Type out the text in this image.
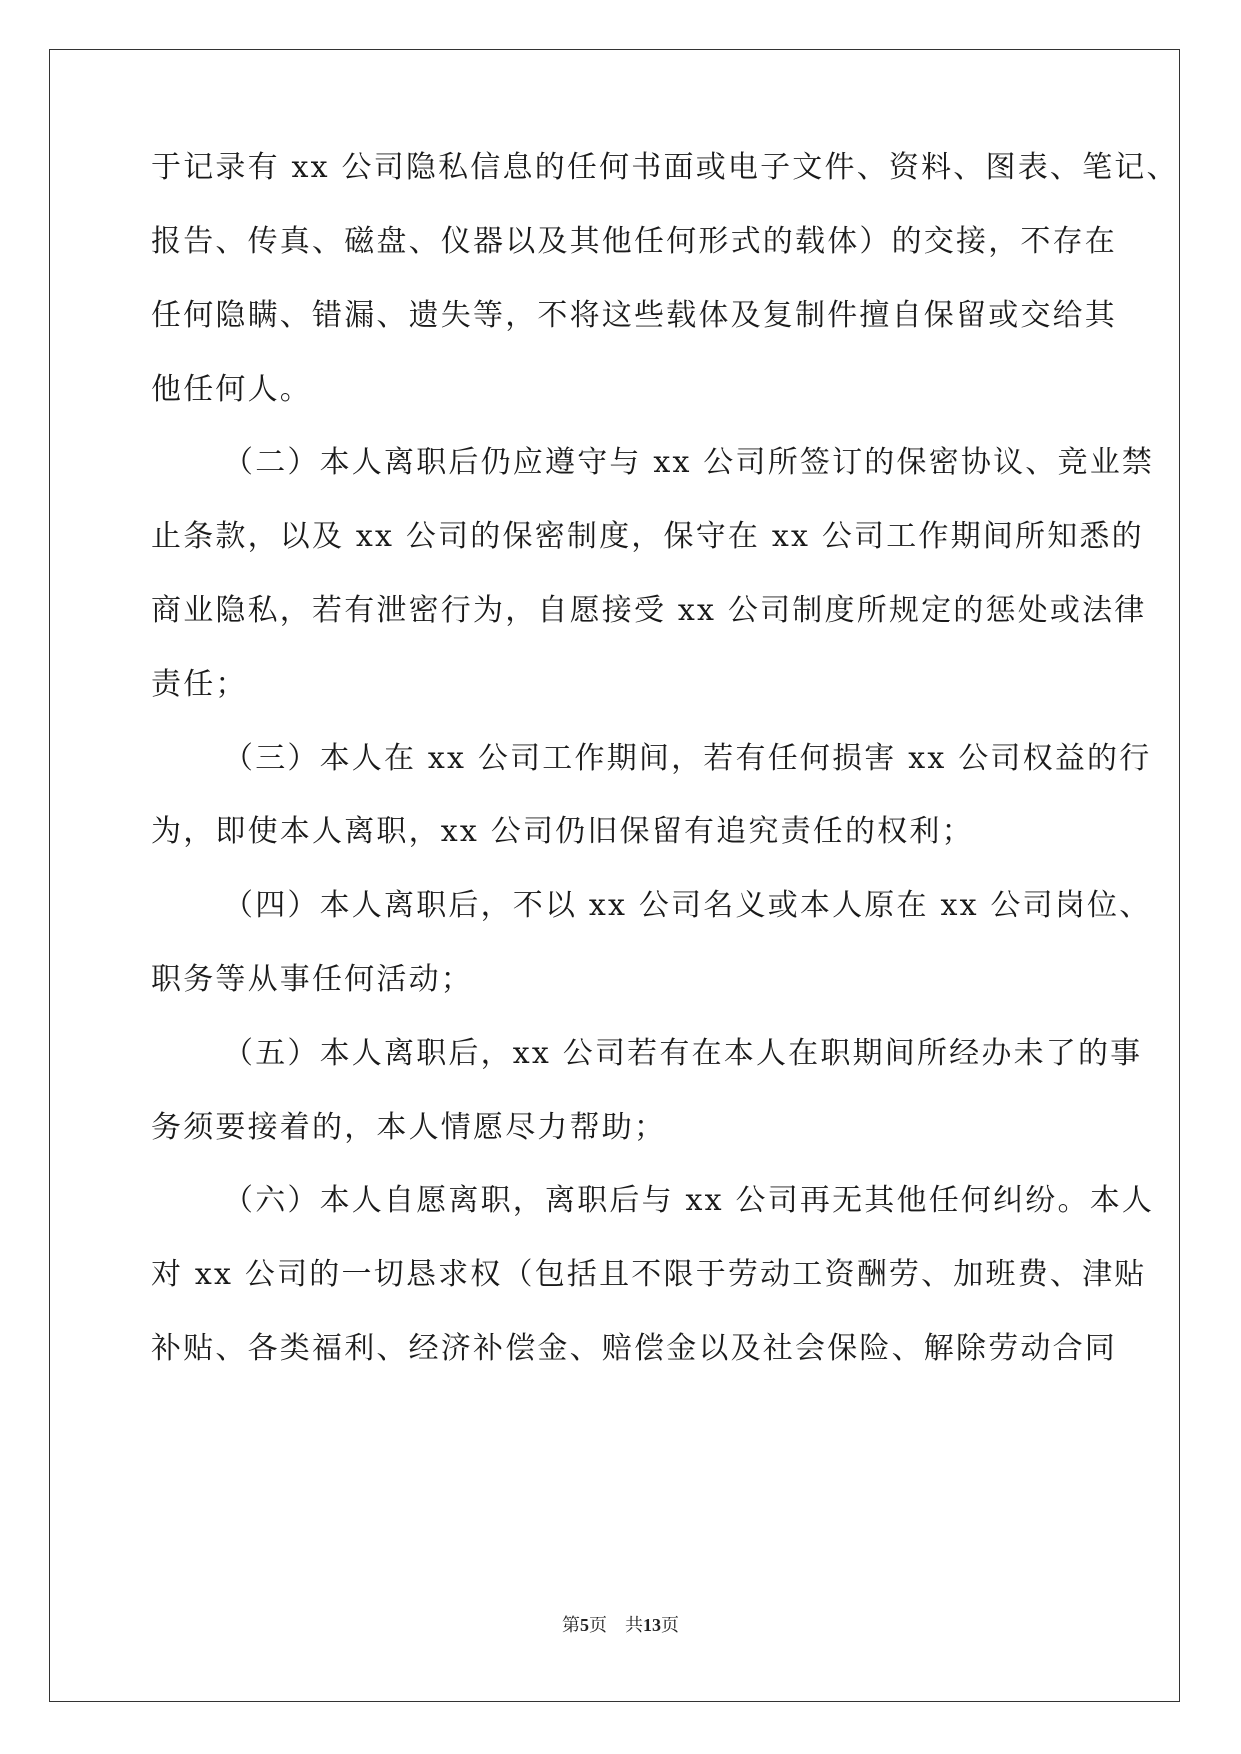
于记录有 xx 公司隐私信息的任何书面或电子文件、资料、图表、笔记、
报告、传真、磁盘、仪器以及其他任何形式的载体）的交接，不存在
任何隐瞒、错漏、遗失等，不将这些载体及复制件擅自保留或交给其
他任何人。
（二）本人离职后仍应遵守与 xx 公司所签订的保密协议、竞业禁
止条款，以及 xx 公司的保密制度，保守在 xx 公司工作期间所知悉的
商业隐私，若有泄密行为，自愿接受 xx 公司制度所规定的惩处或法律
责任；
（三）本人在 xx 公司工作期间，若有任何损害 xx 公司权益的行
为，即使本人离职，xx 公司仍旧保留有追究责任的权利；
（四）本人离职后，不以 xx 公司名义或本人原在 xx 公司岗位、
职务等从事任何活动；
（五）本人离职后，xx 公司若有在本人在职期间所经办未了的事
务须要接着的，本人情愿尽力帮助；
（六）本人自愿离职，离职后与 xx 公司再无其他任何纠纷。本人
对 xx 公司的一切恳求权（包括且不限于劳动工资酬劳、加班费、津贴
补贴、各类福利、经济补偿金、赔偿金以及社会保险、解除劳动合同
第5页 共13页
